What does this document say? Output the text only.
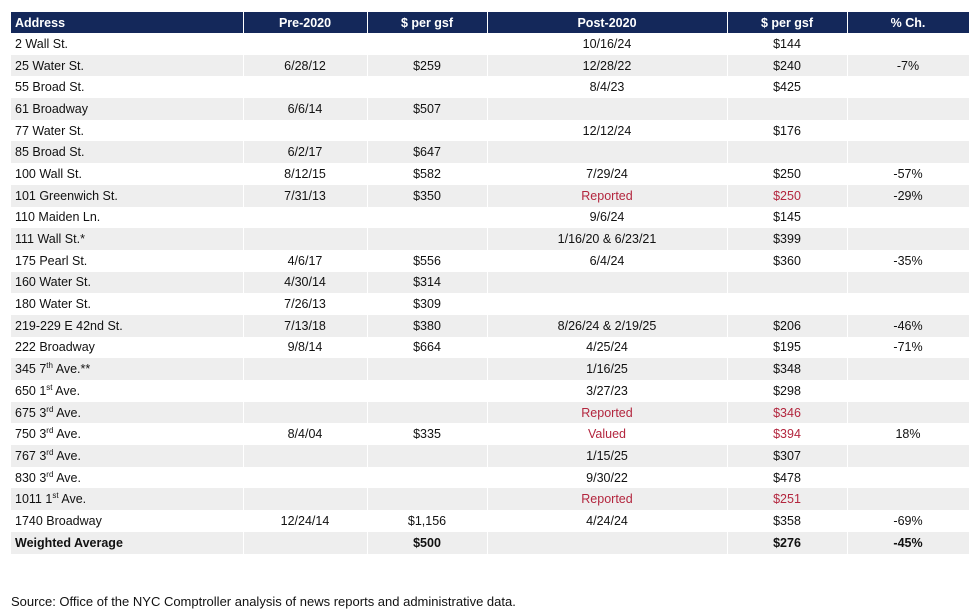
Address	Pre-2020	$ per gsf	Post-2020	$ per gsf	% Ch.
2 Wall St.			10/16/24	$144	
25 Water St.	6/28/12	$259	12/28/22	$240	-7%
55 Broad St.			8/4/23	$425	
61 Broadway	6/6/14	$507			
77 Water St.			12/12/24	$176	
85 Broad St.	6/2/17	$647			
100 Wall St.	8/12/15	$582	7/29/24	$250	-57%
101 Greenwich St.	7/31/13	$350	Reported	$250	-29%
110 Maiden Ln.			9/6/24	$145	
111 Wall St.*			1/16/20 & 6/23/21	$399	
175 Pearl St.	4/6/17	$556	6/4/24	$360	-35%
160 Water St.	4/30/14	$314			
180 Water St.	7/26/13	$309			
219-229 E 42nd St.	7/13/18	$380	8/26/24 & 2/19/25	$206	-46%
222 Broadway	9/8/14	$664	4/25/24	$195	-71%
345 7th Ave.**			1/16/25	$348	
650 1st Ave.			3/27/23	$298	
675 3rd Ave.			Reported	$346	
750 3rd Ave.	8/4/04	$335	Valued	$394	18%
767 3rd Ave.			1/15/25	$307	
830 3rd Ave.			9/30/22	$478	
1011 1st Ave.			Reported	$251	
1740 Broadway	12/24/14	$1,156	4/24/24	$358	-69%
Weighted Average		$500		$276	-45%
Source: Office of the NYC Comptroller analysis of news reports and administrative data.
